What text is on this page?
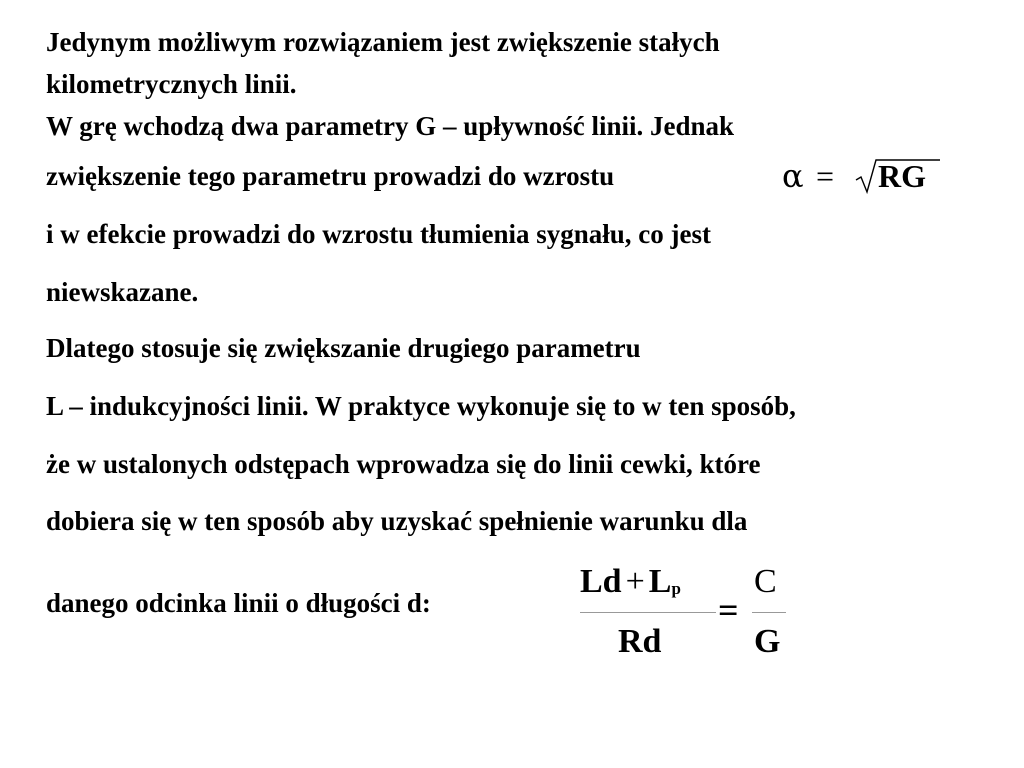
Jedynym możliwym rozwiązaniem jest zwiększenie stałych
kilometrycznych linii.
W grę wchodzą dwa parametry G – upływność linii. Jednak
zwiększenie tego parametru prowadzi do wzrostu
i w efekcie prowadzi do wzrostu tłumienia sygnału, co jest
niewskazane.
Dlatego stosuje się zwiększanie drugiego parametru
L – indukcyjności linii. W praktyce wykonuje się to w ten sposób,
że w ustalonych odstępach wprowadza się do linii cewki, które
dobiera się w ten sposób aby uzyskać spełnienie warunku dla
danego odcinka linii o długości d:
α = RG
$Ld + L_p$
Rd
=
C
G
